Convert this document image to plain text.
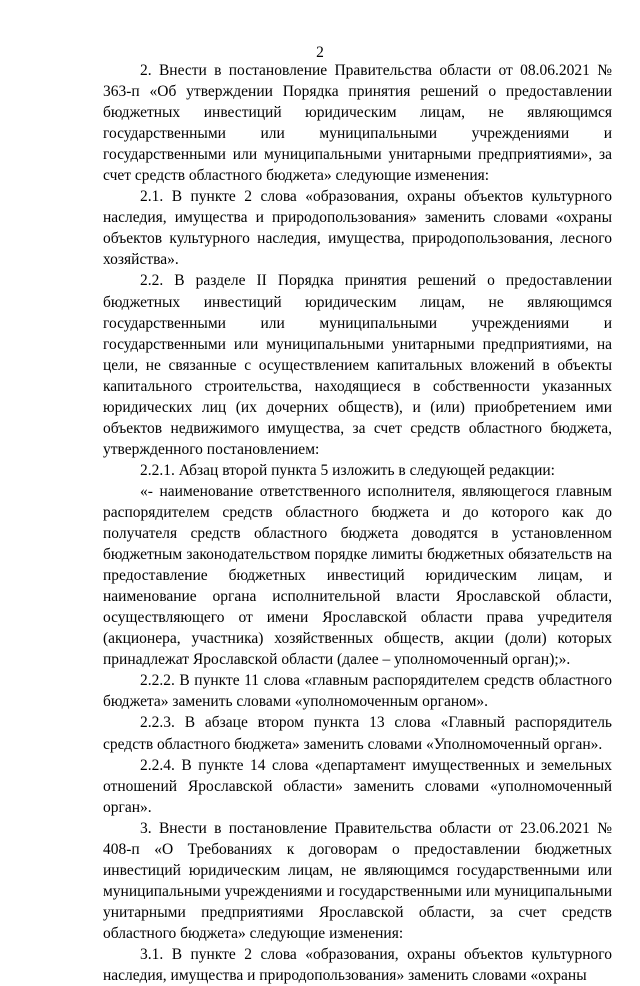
2

2. Внести в постановление Правительства области от 08.06.2021 № 363-п «Об утверждении Порядка принятия решений о предоставлении бюджетных инвестиций юридическим лицам, не являющимся государственными или муниципальными учреждениями и государственными или муниципальными унитарными предприятиями», за счет средств областного бюджета» следующие изменения:

2.1. В пункте 2 слова «образования, охраны объектов культурного наследия, имущества и природопользования» заменить словами «охраны объектов культурного наследия, имущества, природопользования, лесного хозяйства».

2.2. В разделе II Порядка принятия решений о предоставлении бюджетных инвестиций юридическим лицам, не являющимся государственными или муниципальными учреждениями и государственными или муниципальными унитарными предприятиями, на цели, не связанные с осуществлением капитальных вложений в объекты капитального строительства, находящиеся в собственности указанных юридических лиц (их дочерних обществ), и (или) приобретением ими объектов недвижимого имущества, за счет средств областного бюджета, утвержденного постановлением:

2.2.1. Абзац второй пункта 5 изложить в следующей редакции:

«- наименование ответственного исполнителя, являющегося главным распорядителем средств областного бюджета и до которого как до получателя средств областного бюджета доводятся в установленном бюджетным законодательством порядке лимиты бюджетных обязательств на предоставление бюджетных инвестиций юридическим лицам, и наименование органа исполнительной власти Ярославской области, осуществляющего от имени Ярославской области права учредителя (акционера, участника) хозяйственных обществ, акции (доли) которых принадлежат Ярославской области (далее – уполномоченный орган);».

2.2.2. В пункте 11 слова «главным распорядителем средств областного бюджета» заменить словами «уполномоченным органом».

2.2.3. В абзаце втором пункта 13 слова «Главный распорядитель средств областного бюджета» заменить словами «Уполномоченный орган».

2.2.4. В пункте 14 слова «департамент имущественных и земельных отношений Ярославской области» заменить словами «уполномоченный орган».

3. Внести в постановление Правительства области от 23.06.2021 № 408-п «О Требованиях к договорам о предоставлении бюджетных инвестиций юридическим лицам, не являющимся государственными или муниципальными учреждениями и государственными или муниципальными унитарными предприятиями Ярославской области, за счет средств областного бюджета» следующие изменения:

3.1. В пункте 2 слова «образования, охраны объектов культурного наследия, имущества и природопользования» заменить словами «охраны
